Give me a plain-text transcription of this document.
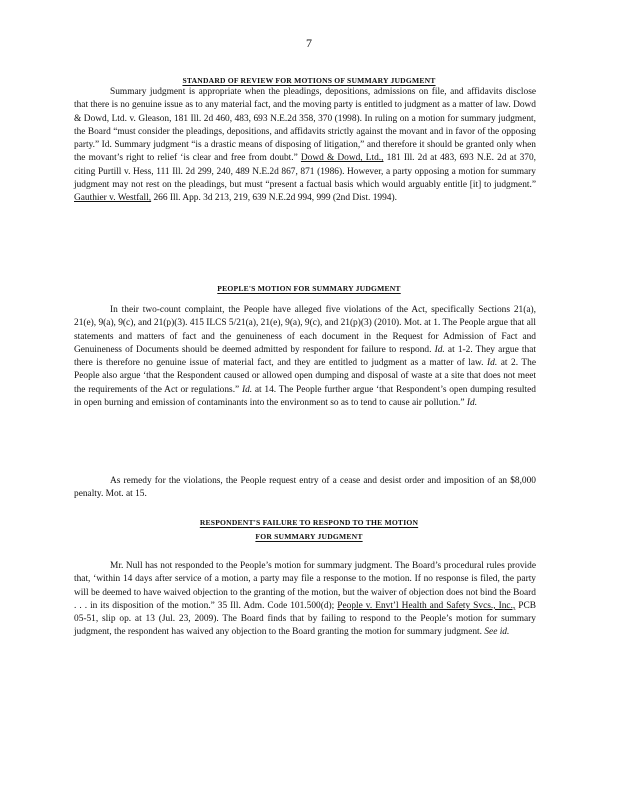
7
STANDARD OF REVIEW FOR MOTIONS OF SUMMARY JUDGMENT

Summary judgment is appropriate when the pleadings, depositions, admissions on file, and affidavits disclose that there is no genuine issue as to any material fact, and the moving party is entitled to judgment as a matter of law. Dowd & Dowd, Ltd. v. Gleason, 181 Ill. 2d 460, 483, 693 N.E.2d 358, 370 (1998). In ruling on a motion for summary judgment, the Board “must consider the pleadings, depositions, and affidavits strictly against the movant and in favor of the opposing party.” Id. Summary judgment “is a drastic means of disposing of litigation,” and therefore it should be granted only when the movant’s right to relief ‘is clear and free from doubt.” Dowd & Dowd, Ltd., 181 Ill. 2d at 483, 693 N.E. 2d at 370, citing Purtill v. Hess, 111 Ill. 2d 299, 240, 489 N.E.2d 867, 871 (1986). However, a party opposing a motion for summary judgment may not rest on the pleadings, but must “present a factual basis which would arguably entitle [it] to judgment.” Gauthier v. Westfall, 266 Ill. App. 3d 213, 219, 639 N.E.2d 994, 999 (2nd Dist. 1994).

PEOPLE'S MOTION FOR SUMMARY JUDGMENT

In their two-count complaint, the People have alleged five violations of the Act, specifically Sections 21(a), 21(e), 9(a), 9(c), and 21(p)(3). 415 ILCS 5/21(a), 21(e), 9(a), 9(c), and 21(p)(3) (2010). Mot. at 1. The People argue that all statements and matters of fact and the genuineness of each document in the Request for Admission of Fact and Genuineness of Documents should be deemed admitted by respondent for failure to respond. Id. at 1-2. They argue that there is therefore no genuine issue of material fact, and they are entitled to judgment as a matter of law. Id. at 2. The People also argue ‘that the Respondent caused or allowed open dumping and disposal of waste at a site that does not meet the requirements of the Act or regulations.” Id. at 14. The People further argue ‘that Respondent’s open dumping resulted in open burning and emission of contaminants into the environment so as to tend to cause air pollution.” Id.

As remedy for the violations, the People request entry of a cease and desist order and imposition of an $8,000 penalty. Mot. at 15.

RESPONDENT'S FAILURE TO RESPOND TO THE MOTION
FOR SUMMARY JUDGMENT

Mr. Null has not responded to the People’s motion for summary judgment. The Board’s procedural rules provide that, ‘within 14 days after service of a motion, a party may file a response to the motion. If no response is filed, the party will be deemed to have waived objection to the granting of the motion, but the waiver of objection does not bind the Board . . . in its disposition of the motion.” 35 Ill. Adm. Code 101.500(d); People v. Envt’l Health and Safety Svcs., Inc., PCB 05-51, slip op. at 13 (Jul. 23, 2009). The Board finds that by failing to respond to the People’s motion for summary judgment, the respondent has waived any objection to the Board granting the motion for summary judgment. See id.
